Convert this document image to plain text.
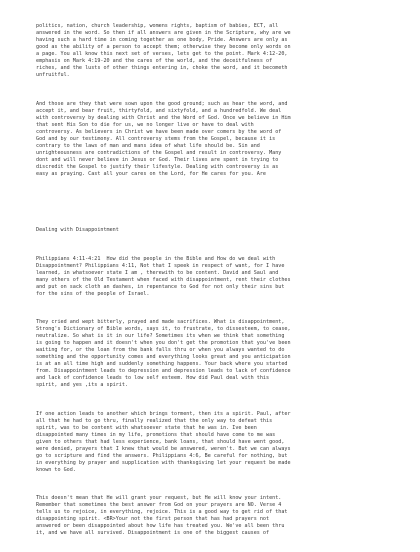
politics, nation, church leadership, womens rights, baptism of babies, ECT, all
answered in the word. So then if all answers are given in the Scripture, why are we
having such a hard time in coming together as one body, Pride. Answers are only as
good as the ability of a person to accept them; otherwise they become only words on
a page. You all know this next set of verses, lets get to the point. Mark 4:12-20,
emphasis on Mark 4:19-20 and the cares of the world, and the deceitfulness of
riches, and the lusts of other things entering in, choke the word, and it becometh
unfruitful.

And those are they that were sown upon the good ground; such as hear the word, and
accept it, and bear fruit, thirtyfold, and sixtyfold, and a hundredfold. We deal
with controversy by dealing with Christ and the Word of God. Once we believe in Him
that sent His Son to die for us, we no longer live or have to deal with
controversy. As believers in Christ we have been made over comers by the word of
God and by our testimony. All controversy stems from the Gospel, because it is
contrary to the laws of man and mans idea of what life should be. Sin and
unrighteousness are contradictions of the Gospel and result in controversy. Many
dont and will never believe in Jesus or God. Their lives are spent in trying to
discredit the Gospel to justify their lifestyle. Dealing with controversy is as
easy as praying. Cast all your cares on the Lord, for He cares for you. Are

Dealing with Disappointment

Philippians 4:11-4:21  How did the people in the Bible and How do we deal with
Disappointment? Philippians 4:11, Not that I speek in respect of want, for I have
learned, in whatsoever state I am , therewith to be content. David and Saul and
many others of the Old Testament when faced with disappointment, rent their clothes
and put on sack cloth an dashes, in repentance to God for not only their sins but
for the sins of the people of Israel.

They cried and wept bitterly, prayed and made sacrifices. What is disappointment,
Strong's Dictionary of Bible words, says it, to frustrate, to dissesteem, to cease,
neutralize. So what is it in our life? Sometimes its when we think that something
is going to happen and it doesn't when you don't get the promotion that you've been
waiting for, or the loan from the bank falls thru or when you always wanted to do
something and the opportunity comes and everything looks great and you anticipation
is at an all time high and suddenly something happens. Your back where you started
from. Disappointment leads to depression and depression leads to lack of confidence
and lack of confidence leads to low self esteem. How did Paul deal with this
spirit, and yes ,its a spirit.

If one action leads to another which brings torment, then its a spirit. Paul, after
all that he had to go thru, finally realized that the only way to defeat this
spirit, was to be content with whatsoever state that he was in. Ive been
disappointed many times in my life, promotions that should have come to me was
given to others that had less experience, bank loans, that should have went good,
were denied, prayers that I knew that would be answered, weren't. But we can always
go to scripture and find the answers. Philippians 4:6, Be careful for nothing, but
in everything by prayer and supplication with thanksgiving let your request be made
known to God.

This doesn't mean that He will grant your request, but He will know your intent.
Remember that sometimes the best answer from God on your prayers are NO. Verse 4
tells us to rejoice, in everything, rejoice. This is a good way to get rid of that
disappointing spirit. <BR>Your not the first person that has had prayers not
answered or been disappointed about how life has treated you. We've all been thru
it, and we have all survived. Disappointment is one of the biggest causes of
